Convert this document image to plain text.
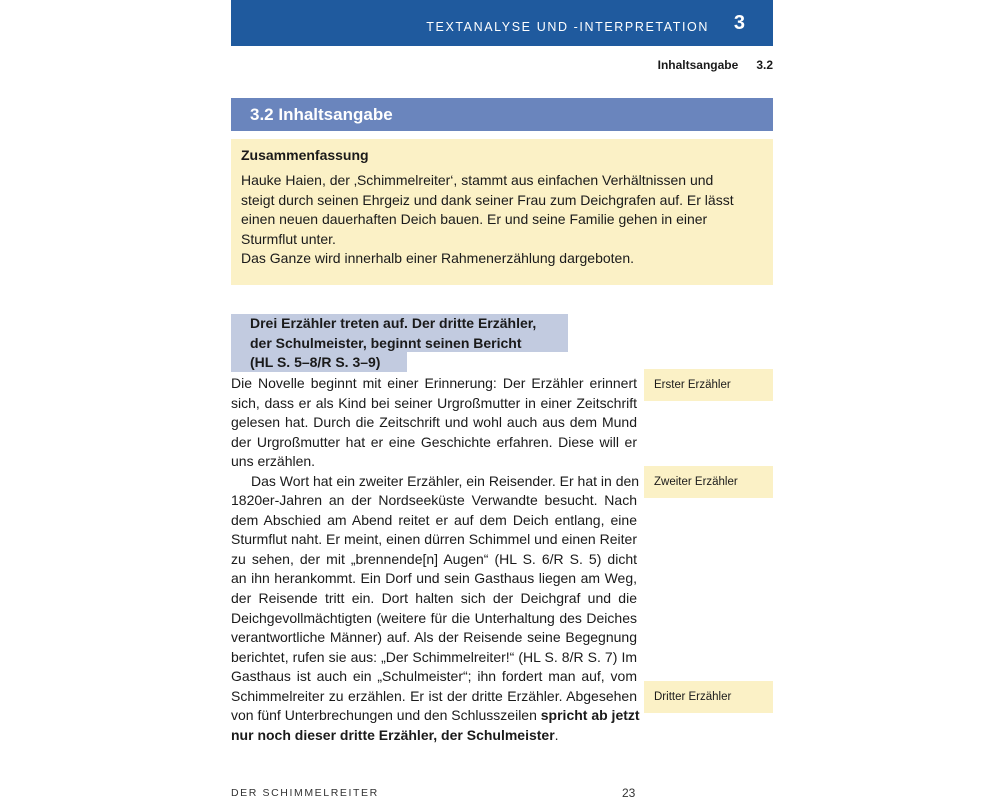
TEXTANALYSE UND -INTERPRETATION 3
Inhaltsangabe 3.2
3.2 Inhaltsangabe
Zusammenfassung
Hauke Haien, der ‚Schimmelreiter‘, stammt aus einfachen Verhältnissen und
steigt durch seinen Ehrgeiz und dank seiner Frau zum Deichgrafen auf. Er lässt
einen neuen dauerhaften Deich bauen. Er und seine Familie gehen in einer
Sturmflut unter.
Das Ganze wird innerhalb einer Rahmenerzählung dargeboten.
Drei Erzähler treten auf. Der dritte Erzähler,
der Schulmeister, beginnt seinen Bericht
(HL S. 5–8/R S. 3–9)
Die Novelle beginnt mit einer Erinnerung: Der Erzähler erinnert
sich, dass er als Kind bei seiner Urgroßmutter in einer Zeitschrift
gelesen hat. Durch die Zeitschrift und wohl auch aus dem Mund
der Urgroßmutter hat er eine Geschichte erfahren. Diese will er
uns erzählen.
Das Wort hat ein zweiter Erzähler, ein Reisender. Er hat in den
1820er-Jahren an der Nordseeküste Verwandte besucht. Nach
dem Abschied am Abend reitet er auf dem Deich entlang, eine
Sturmflut naht. Er meint, einen dürren Schimmel und einen Reiter
zu sehen, der mit „brennende[n] Augen“ (HL S. 6/R S. 5) dicht
an ihn herankommt. Ein Dorf und sein Gasthaus liegen am Weg,
der Reisende tritt ein. Dort halten sich der Deichgraf und die
Deichgevollmächtigten (weitere für die Unterhaltung des Deiches
verantwortliche Männer) auf. Als der Reisende seine Begegnung
berichtet, rufen sie aus: „Der Schimmelreiter!“ (HL S. 8/R S. 7) Im
Gasthaus ist auch ein „Schulmeister“; ihn fordert man auf, vom
Schimmelreiter zu erzählen. Er ist der dritte Erzähler. Abgesehen
von fünf Unterbrechungen und den Schlusszeilen spricht ab jetzt
nur noch dieser dritte Erzähler, der Schulmeister.
Erster Erzähler
Zweiter Erzähler
Dritter Erzähler
DER SCHIMMELREITER	23
